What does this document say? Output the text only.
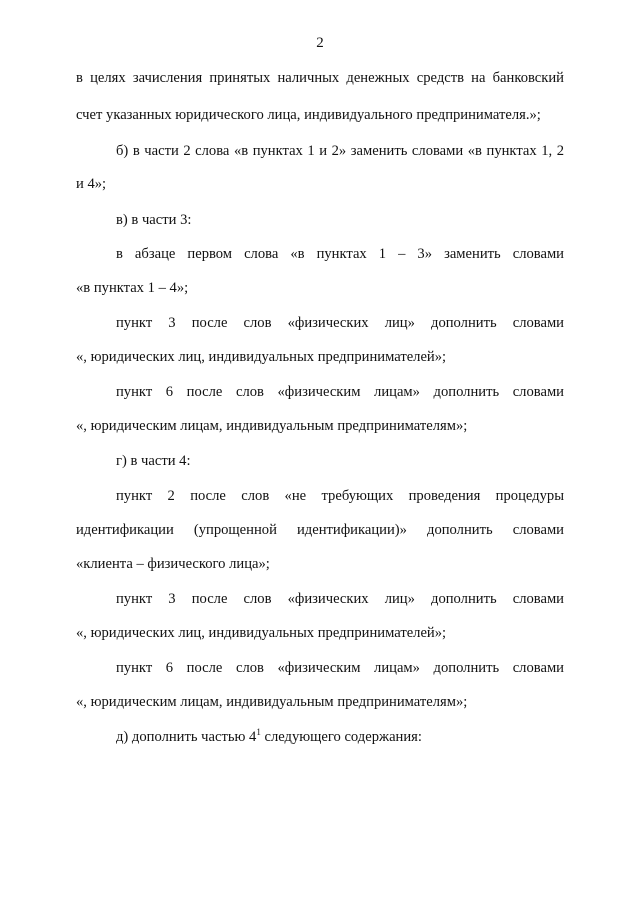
2

в целях зачисления принятых наличных денежных средств на банковский

счет указанных юридического лица, индивидуального предпринимателя.»;

б) в части 2 слова «в пунктах 1 и 2» заменить словами «в пунктах 1, 2

и 4»;

в) в части 3:

в абзаце первом слова «в пунктах 1 – 3» заменить словами

«в пунктах 1 – 4»;

пункт 3 после слов «физических лиц» дополнить словами

«, юридических лиц, индивидуальных предпринимателей»;

пункт 6 после слов «физическим лицам» дополнить словами

«, юридическим лицам, индивидуальным предпринимателям»;

г) в части 4:

пункт 2 после слов «не требующих проведения процедуры

идентификации (упрощенной идентификации)» дополнить словами

«клиента – физического лица»;

пункт 3 после слов «физических лиц» дополнить словами

«, юридических лиц, индивидуальных предпринимателей»;

пункт 6 после слов «физическим лицам» дополнить словами

«, юридическим лицам, индивидуальным предпринимателям»;

д) дополнить частью $4^1$ следующего содержания:
